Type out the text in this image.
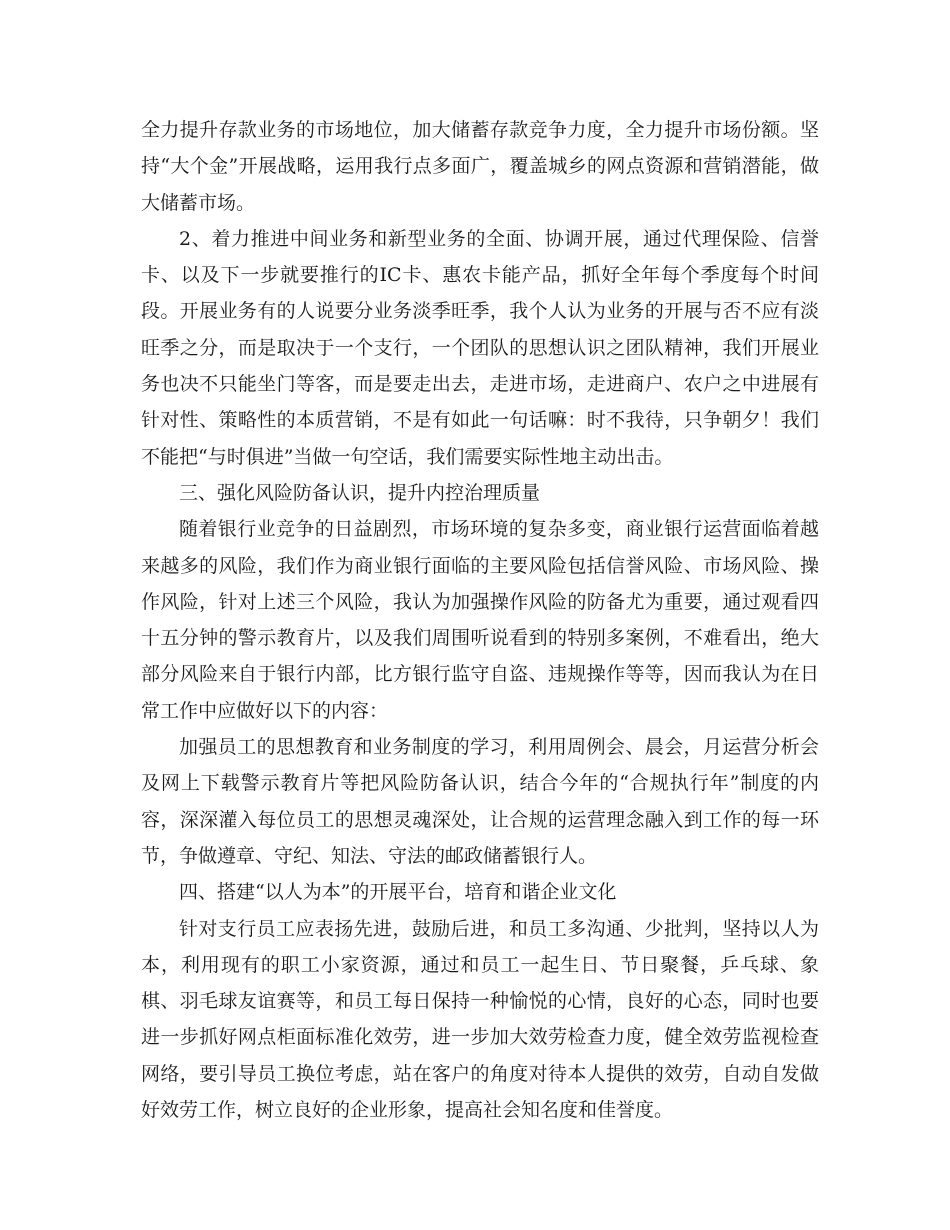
全力提升存款业务的市场地位，加大储蓄存款竞争力度，全力提升市场份额。坚持“大个金”开展战略，运用我行点多面广，覆盖城乡的网点资源和营销潜能，做大储蓄市场。

2、着力推进中间业务和新型业务的全面、协调开展，通过代理保险、信誉卡、以及下一步就要推行的IC卡、惠农卡能产品，抓好全年每个季度每个时间段。开展业务有的人说要分业务淡季旺季，我个人认为业务的开展与否不应有淡旺季之分，而是取决于一个支行，一个团队的思想认识之团队精神，我们开展业务也决不只能坐门等客，而是要走出去，走进市场，走进商户、农户之中进展有针对性、策略性的本质营销，不是有如此一句话嘛：时不我待，只争朝夕！我们不能把“与时俱进”当做一句空话，我们需要实际性地主动出击。

三、强化风险防备认识，提升内控治理质量

随着银行业竞争的日益剧烈，市场环境的复杂多变，商业银行运营面临着越来越多的风险，我们作为商业银行面临的主要风险包括信誉风险、市场风险、操作风险，针对上述三个风险，我认为加强操作风险的防备尤为重要，通过观看四十五分钟的警示教育片，以及我们周围听说看到的特别多案例，不难看出，绝大部分风险来自于银行内部，比方银行监守自盗、违规操作等等，因而我认为在日常工作中应做好以下的内容：

加强员工的思想教育和业务制度的学习，利用周例会、晨会，月运营分析会及网上下载警示教育片等把风险防备认识，结合今年的“合规执行年”制度的内容，深深灌入每位员工的思想灵魂深处，让合规的运营理念融入到工作的每一环节，争做遵章、守纪、知法、守法的邮政储蓄银行人。

四、搭建“以人为本”的开展平台，培育和谐企业文化

针对支行员工应表扬先进，鼓励后进，和员工多沟通、少批判，坚持以人为本，利用现有的职工小家资源，通过和员工一起生日、节日聚餐，乒乓球、象棋、羽毛球友谊赛等，和员工每日保持一种愉悦的心情，良好的心态，同时也要进一步抓好网点柜面标准化效劳，进一步加大效劳检查力度，健全效劳监视检查网络，要引导员工换位考虑，站在客户的角度对待本人提供的效劳，自动自发做好效劳工作，树立良好的企业形象，提高社会知名度和佳誉度。
